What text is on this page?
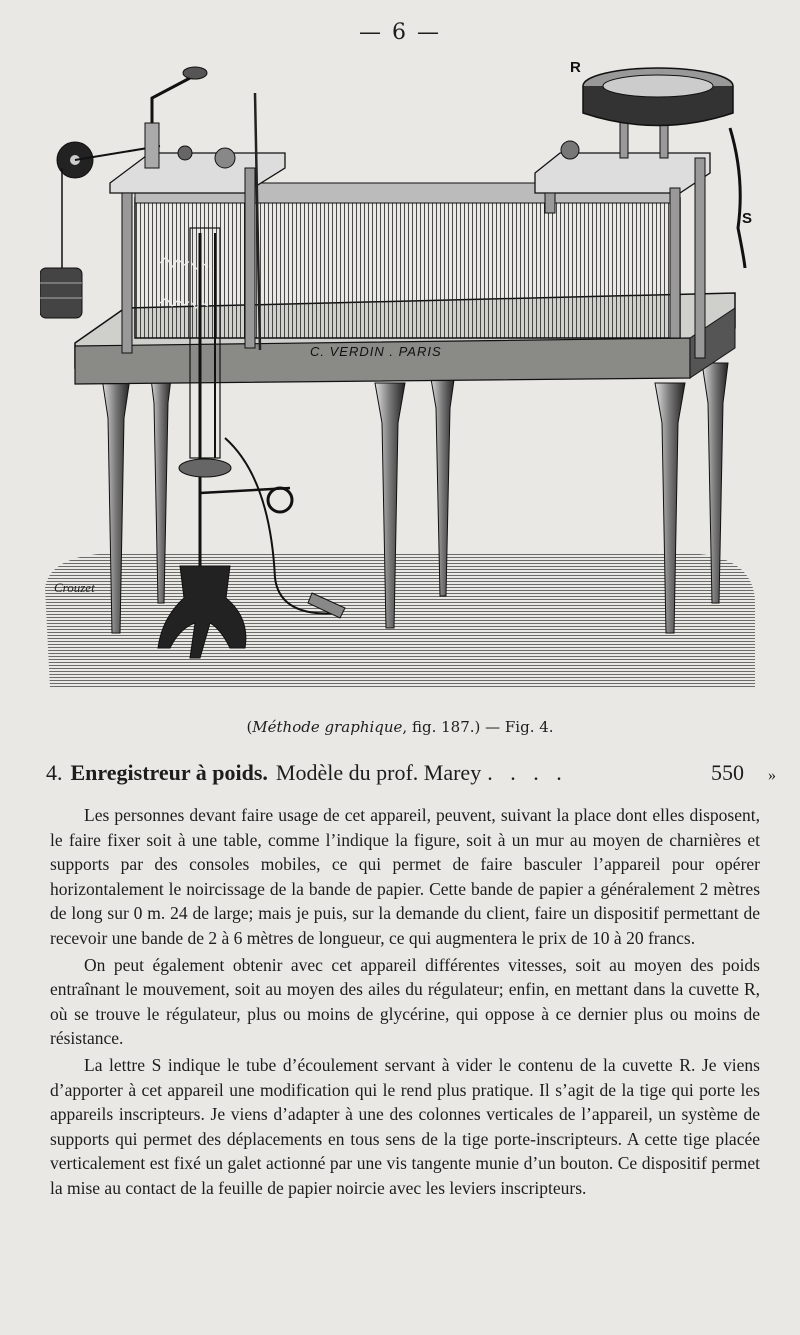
— 6 —
Crouzet
C. VERDIN . PARIS
R
S
(Méthode graphique, fig. 187.) — Fig. 4.
4. Enregistreur à poids. Modèle du prof. Marey . . . .	550 »

Les personnes devant faire usage de cet appareil, peuvent, suivant la place dont elles disposent, le faire fixer soit à une table, comme l’indique la figure, soit à un mur au moyen de charnières et supports par des consoles mobiles, ce qui permet de faire basculer l’appareil pour opérer horizontalement le noircissage de la bande de papier. Cette bande de papier a généralement 2 mètres de long sur 0 m. 24 de large; mais je puis, sur la demande du client, faire un dispositif permettant de recevoir une bande de 2 à 6 mètres de longueur, ce qui augmentera le prix de 10 à 20 francs.

On peut également obtenir avec cet appareil différentes vitesses, soit au moyen des poids entraînant le mouvement, soit au moyen des ailes du régulateur; enfin, en mettant dans la cuvette R, où se trouve le régulateur, plus ou moins de glycérine, qui oppose à ce dernier plus ou moins de résistance.

La lettre S indique le tube d’écoulement servant à vider le contenu de la cuvette R. Je viens d’apporter à cet appareil une modification qui le rend plus pratique. Il s’agit de la tige qui porte les appareils inscripteurs. Je viens d’adapter à une des colonnes verticales de l’appareil, un système de supports qui permet des déplacements en tous sens de la tige porte-inscripteurs. A cette tige placée verticalement est fixé un galet actionné par une vis tangente munie d’un bouton. Ce dispositif permet la mise au contact de la feuille de papier noircie avec les leviers inscripteurs.
